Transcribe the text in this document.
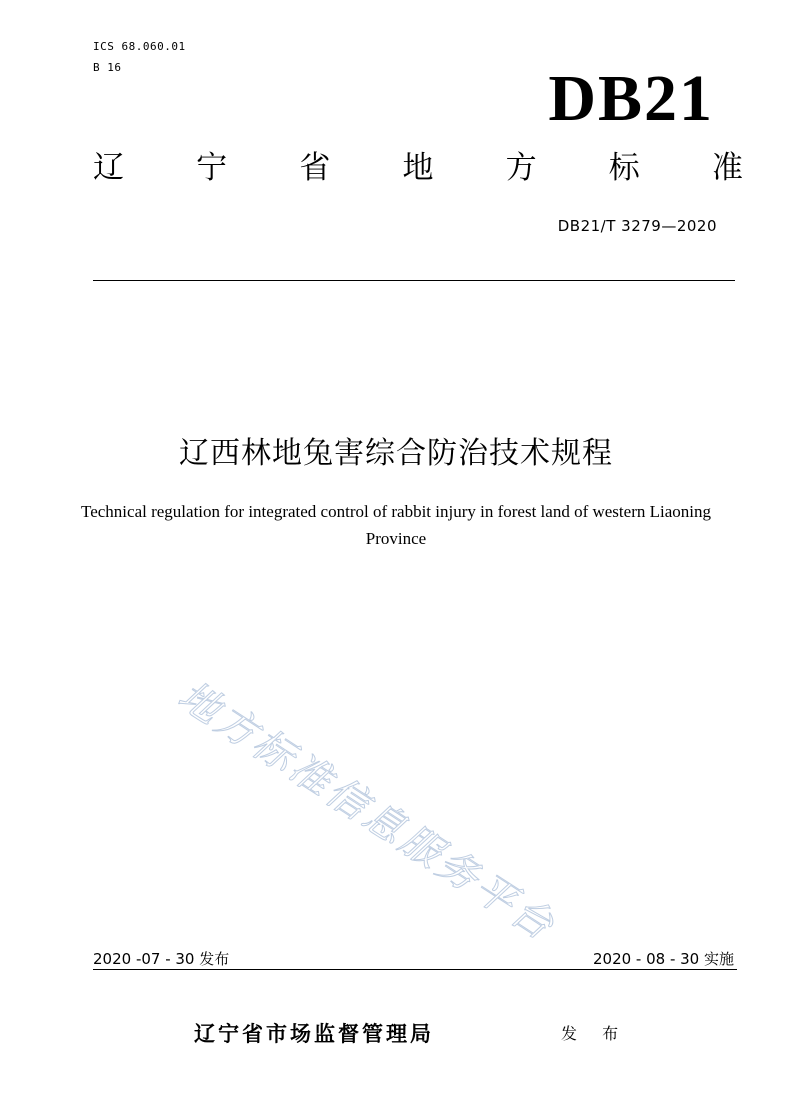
ICS 68.060.01
B 16	DB21
辽 宁 省 地 方 标 准
DB21/T 3279—2020
辽西林地兔害综合防治技术规程
Technical regulation for integrated control of rabbit injury in forest land of western Liaoning Province
地方标准信息服务平台
2020 -07 - 30 发布	2020 - 08 - 30 实施
辽宁省市场监督管理局	发 布
